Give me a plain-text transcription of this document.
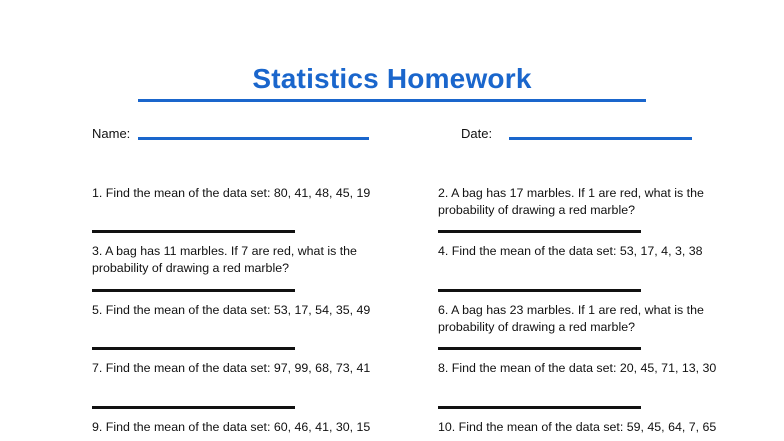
Statistics Homework
Name:	Date:
1. Find the mean of the data set: 80, 41, 48, 45, 19	2. A bag has 17 marbles. If 1 are red, what is the probability of drawing a red marble?
3. A bag has 11 marbles. If 7 are red, what is the probability of drawing a red marble?
4. Find the mean of the data set: 53, 17, 4, 3, 38
5. Find the mean of the data set: 53, 17, 54, 35, 49	6. A bag has 23 marbles. If 1 are red, what is the probability of drawing a red marble?
7. Find the mean of the data set: 97, 99, 68, 73, 41	8. Find the mean of the data set: 20, 45, 71, 13, 30
9. Find the mean of the data set: 60, 46, 41, 30, 15	10. Find the mean of the data set: 59, 45, 64, 7, 65
